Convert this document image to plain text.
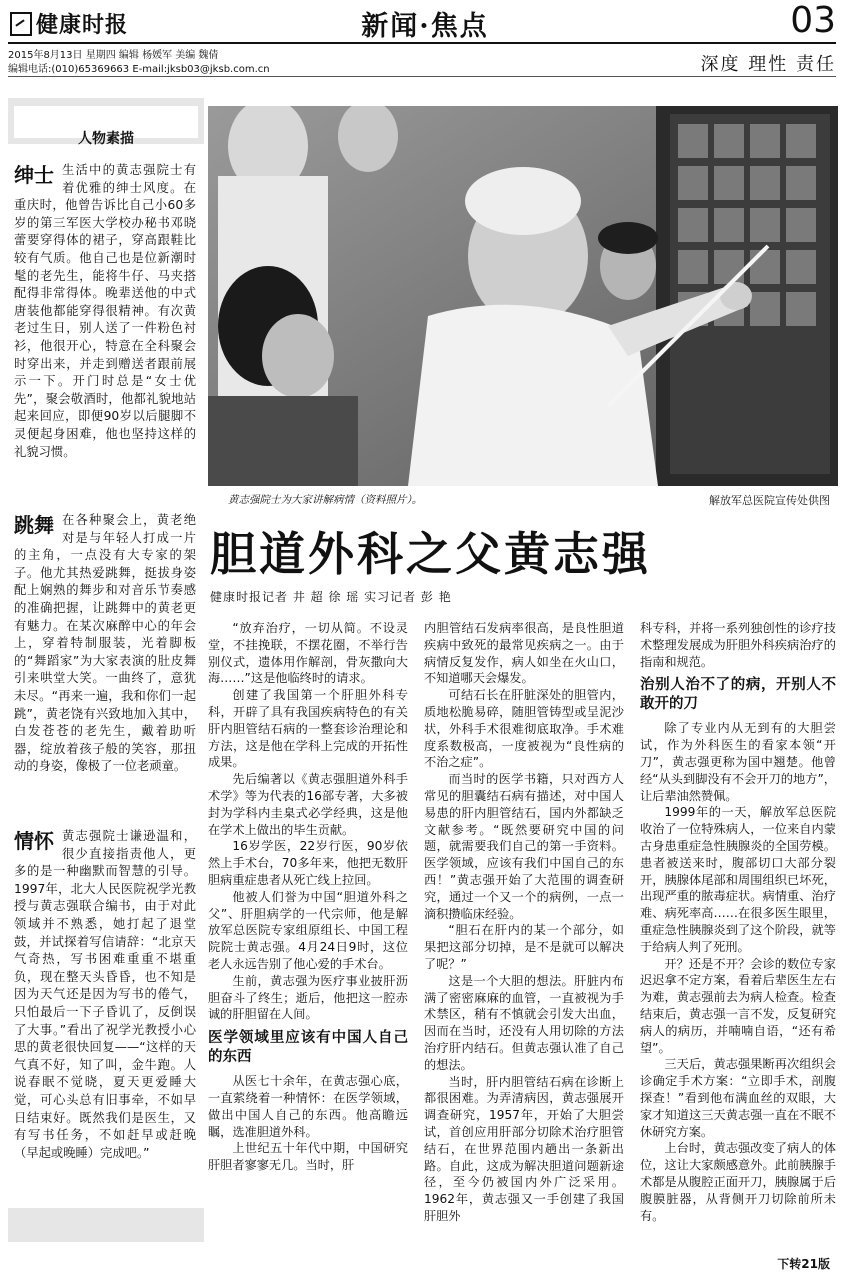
健康时报	新闻·焦点	03
2015年8月13日 星期四 编辑 杨媛军 美编 魏倩
编辑电话:(010)65369663 E-mail:jksb03@jksb.com.cn	深度 理性 责任
人物素描
绅士 生活中的黄志强院士有着优雅的绅士风度。在重庆时，他曾告诉比自己小60多岁的第三军医大学校办秘书邓晓蕾要穿得体的裙子，穿高跟鞋比较有气质。他自己也是位新潮时髦的老先生，能将牛仔、马夹搭配得非常得体。晚辈送他的中式唐装他都能穿得很精神。有次黄老过生日，别人送了一件粉色衬衫，他很开心，特意在全科聚会时穿出来，并走到赠送者跟前展示一下。开门时总是“女士优先”，聚会敬酒时，他都礼貌地站起来回应，即便90岁以后腿脚不灵便起身困难，他也坚持这样的礼貌习惯。
跳舞 在各种聚会上，黄老绝对是与年轻人打成一片的主角，一点没有大专家的架子。他尤其热爱跳舞，挺拔身姿配上娴熟的舞步和对音乐节奏感的准确把握，让跳舞中的黄老更有魅力。在某次麻醉中心的年会上，穿着特制服装，光着脚板的“舞蹈家”为大家表演的肚皮舞引来哄堂大笑。一曲终了，意犹未尽。“再来一遍，我和你们一起跳”，黄老饶有兴致地加入其中，白发苍苍的老先生，戴着助听器，绽放着孩子般的笑容，那扭动的身姿，像极了一位老顽童。
情怀 黄志强院士谦逊温和，很少直接指责他人，更多的是一种幽默而智慧的引导。1997年，北大人民医院祝学光教授与黄志强联合编书，由于对此领域并不熟悉，她打起了退堂鼓，并试探着写信请辞：“北京天气奇热，写书困难重重不堪重负，现在整天头昏昏，也不知是因为天气还是因为写书的倦气，只怕最后一下子昏讥了，反倒误了大事。”看出了祝学光教授小心思的黄老很快回复——“这样的天气真不好，知了叫，金牛跑。人说春眠不觉晓，夏天更爱睡大觉，可心头总有旧事牵，不如早日结束好。既然我们是医生，又有写书任务，不如赶早或赶晚（早起或晚睡）完成吧。”
黄志强院士为大家讲解病情（资料照片）。	解放军总医院宣传处供图
胆道外科之父黄志强
健康时报记者 井 超 徐 瑶 实习记者 彭 艳

“放弃治疗，一切从简。不设灵堂，不挂挽联，不摆花圈，不举行告别仪式，遗体用作解剖，骨灰撒向大海……”这是他临终时的请求。

创建了我国第一个肝胆外科专科，开辟了具有我国疾病特色的有关肝内胆管结石病的一整套诊治理论和方法，这是他在学科上完成的开拓性成果。

先后编著以《黄志强胆道外科手术学》等为代表的16部专著，大多被封为学科内圭臬式必学经典，这是他在学术上做出的毕生贡献。

16岁学医，22岁行医，90岁依然上手术台，70多年来，他把无数肝胆病重症患者从死亡线上拉回。

他被人们誉为中国“胆道外科之父”、肝胆病学的一代宗师，他是解放军总医院专家组原组长、中国工程院院士黄志强。4月24日9时，这位老人永远告别了他心爱的手术台。

生前，黄志强为医疗事业披肝沥胆奋斗了终生；逝后，他把这一腔赤诚的肝胆留在人间。

医学领域里应该有中国人自己的东西

从医七十余年，在黄志强心底，一直萦绕着一种情怀：在医学领域，做出中国人自己的东西。他高瞻远瞩，选准胆道外科。

上世纪五十年代中期，中国研究肝胆者寥寥无几。当时，肝

内胆管结石发病率很高，是良性胆道疾病中致死的最常见疾病之一。由于病情反复发作，病人如坐在火山口，不知道哪天会爆发。

可结石长在肝脏深处的胆管内，质地松脆易碎，随胆管铸型或呈泥沙状，外科手术很难彻底取净。手术难度系数极高，一度被视为“良性病的不治之症”。

而当时的医学书籍，只对西方人常见的胆囊结石病有描述，对中国人易患的肝内胆管结石，国内外都缺乏文献参考。“既然要研究中国的问题，就需要我们自己的第一手资料。医学领域，应该有我们中国自己的东西！”黄志强开始了大范围的调查研究，通过一个又一个的病例，一点一滴积攒临床经验。

“胆石在肝内的某一个部分，如果把这部分切掉，是不是就可以解决了呢？”

这是一个大胆的想法。肝脏内布满了密密麻麻的血管，一直被视为手术禁区，稍有不慎就会引发大出血，因而在当时，还没有人用切除的方法治疗肝内结石。但黄志强认准了自己的想法。

当时，肝内胆管结石病在诊断上都很困难。为弄清病因，黄志强展开调查研究，1957年，开始了大胆尝试，首创应用肝部分切除术治疗胆管结石，在世界范围内趟出一条新出路。自此，这成为解决胆道问题新途径，至今仍被国内外广泛采用。1962年，黄志强又一手创建了我国肝胆外

科专科，并将一系列独创性的诊疗技术整理发展成为肝胆外科疾病治疗的指南和规范。

治别人治不了的病，开别人不敢开的刀

除了专业内从无到有的大胆尝试，作为外科医生的看家本领“开刀”，黄志强更称为国中翘楚。他曾经“从头到脚没有不会开刀的地方”，让后辈油然赞佩。

1999年的一天，解放军总医院收治了一位特殊病人，一位来自内蒙古身患重症急性胰腺炎的全国劳模。患者被送来时，腹部切口大部分裂开，胰腺体尾部和周围组织已坏死，出现严重的脓毒症状。病情重、治疗难、病死率高……在很多医生眼里，重症急性胰腺炎到了这个阶段，就等于给病人判了死刑。

开？还是不开？会诊的数位专家迟迟拿不定方案，看着后辈医生左右为难，黄志强前去为病人检查。检查结束后，黄志强一言不发，反复研究病人的病历，并喃喃自语，“还有希望”。

三天后，黄志强果断再次组织会诊确定手术方案：“立即手术，剖腹探查！”看到他布满血丝的双眼，大家才知道这三天黄志强一直在不眠不休研究方案。

上台时，黄志强改变了病人的体位，这让大家颇感意外。此前胰腺手术都是从腹腔正面开刀，胰腺属于后腹膜脏器，从背侧开刀切除前所未有。

下转21版
